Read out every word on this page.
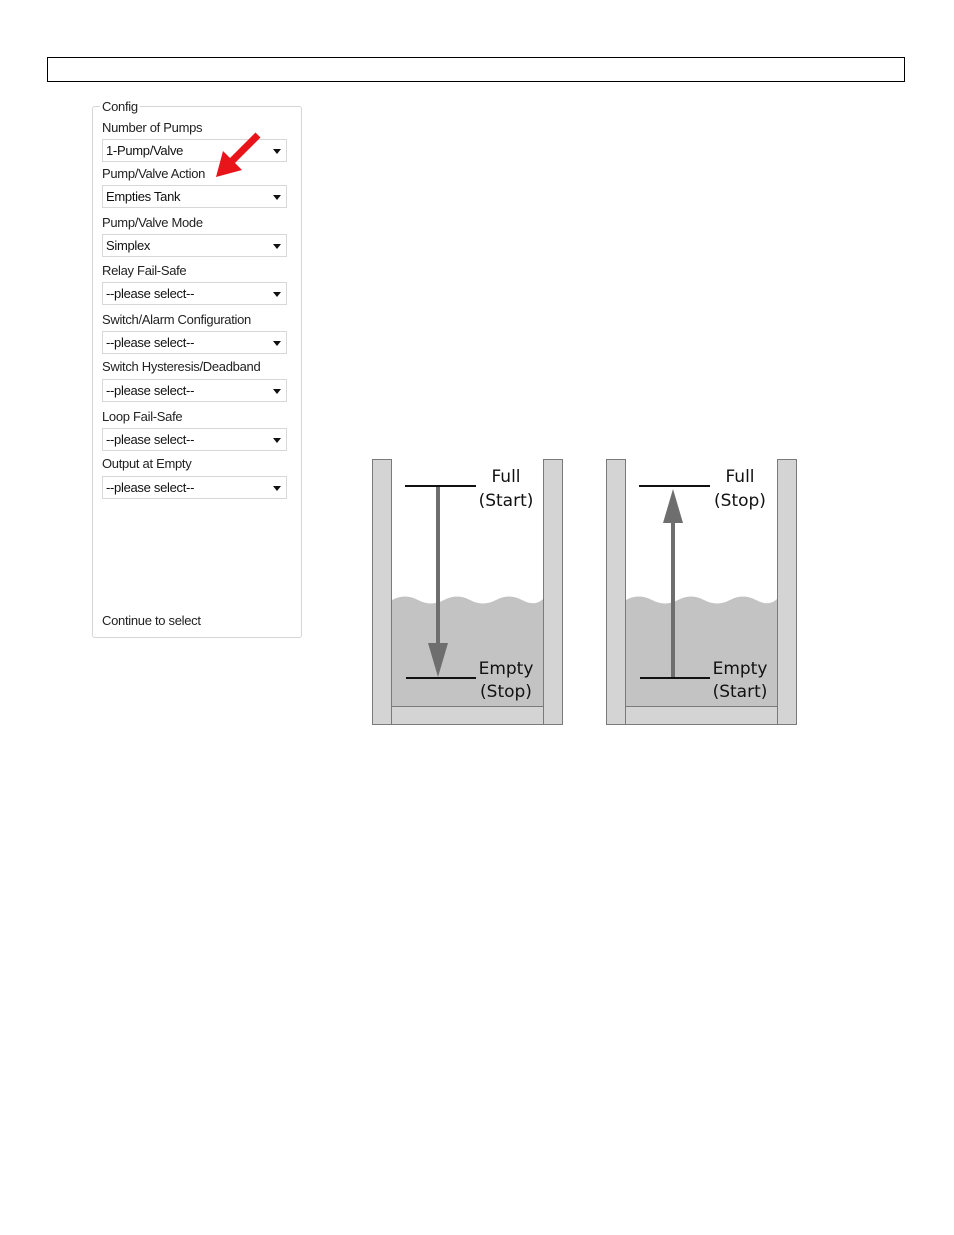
Config
Number of Pumps
1-Pump/Valve
Pump/Valve Action
Empties Tank
Pump/Valve Mode
Simplex
Relay Fail-Safe
--please select--
Switch/Alarm Configuration
--please select--
Switch Hysteresis/Deadband
--please select--
Loop Fail-Safe
--please select--
Output at Empty
--please select--
Continue to select
Full
(Start)
Empty
(Stop)
Full
(Stop)
Empty
(Start)
